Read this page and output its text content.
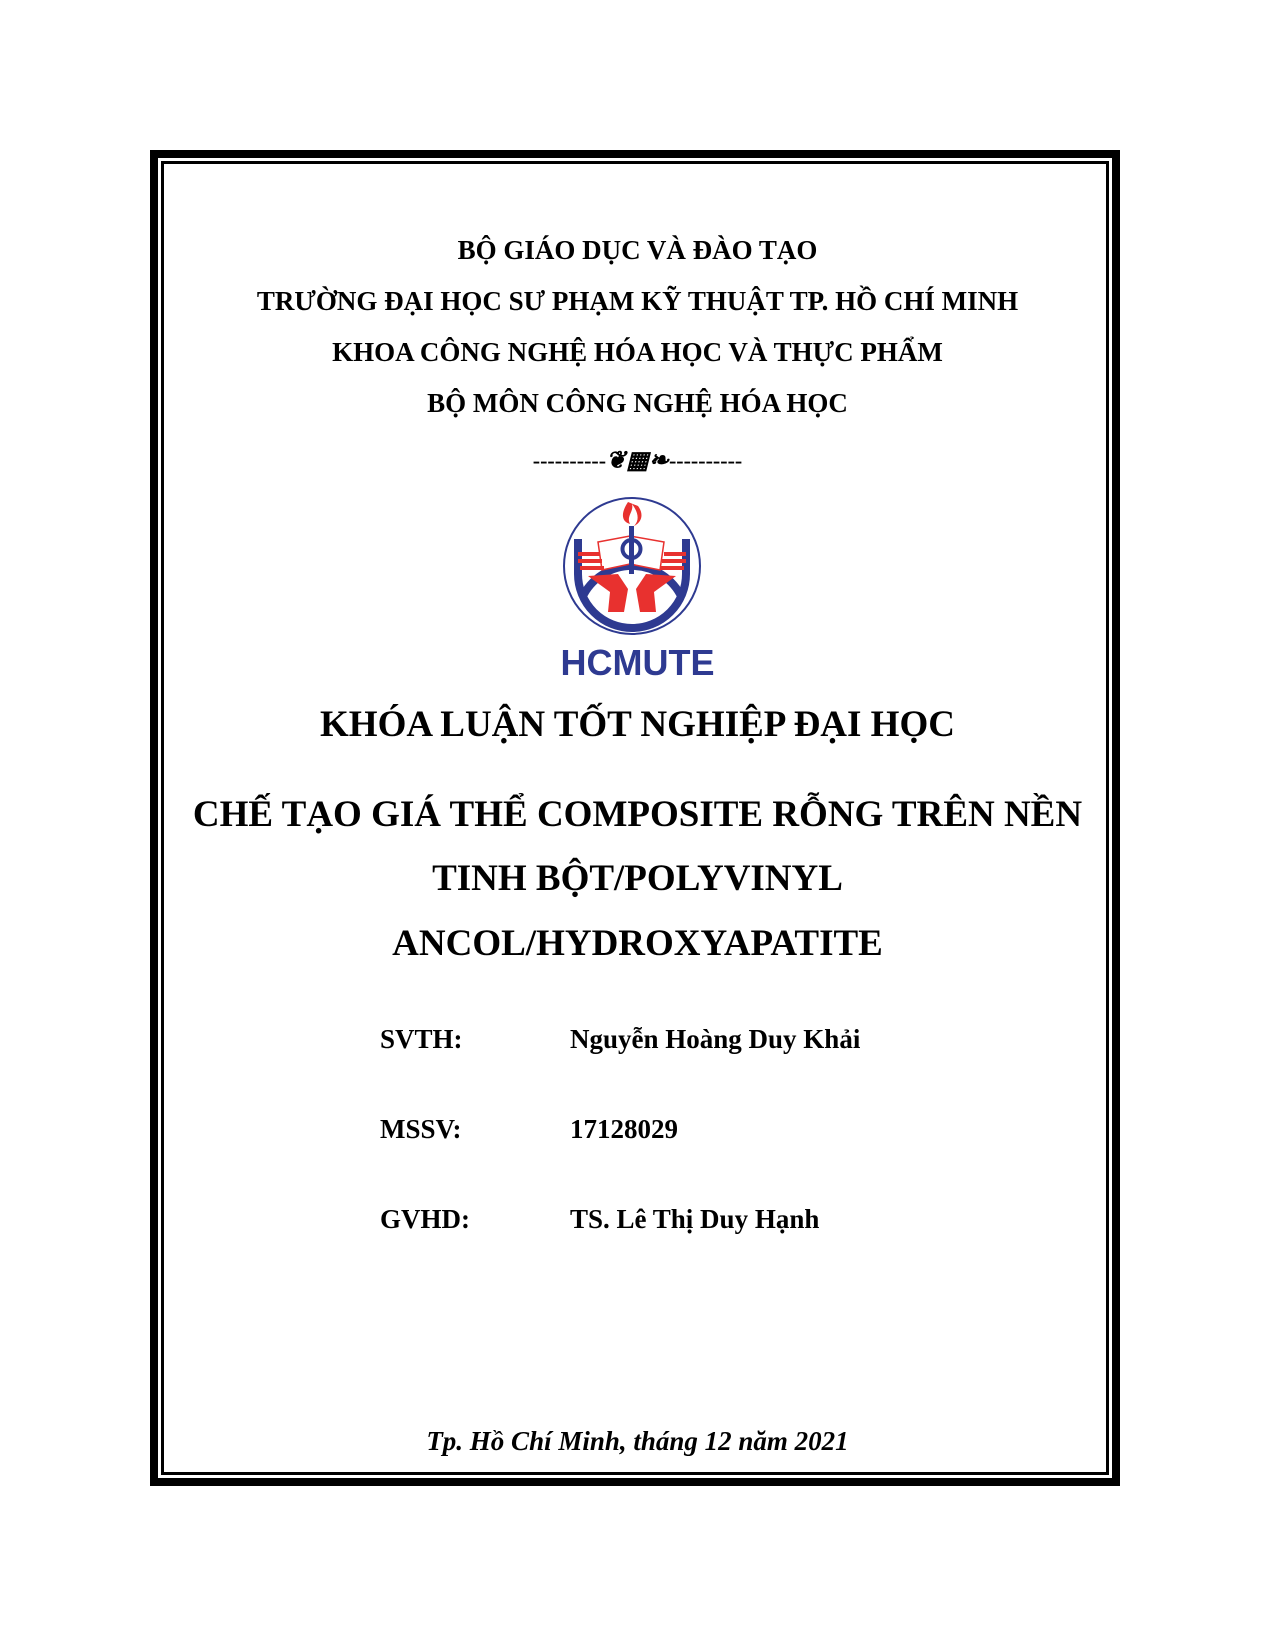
BỘ GIÁO DỤC VÀ ĐÀO TẠO
TRƯỜNG ĐẠI HỌC SƯ PHẠM KỸ THUẬT TP. HỒ CHÍ MINH
KHOA CÔNG NGHỆ HÓA HỌC VÀ THỰC PHẨM
BỘ MÔN CÔNG NGHỆ HÓA HỌC
----------❦▦❧----------
HCMUTE
KHÓA LUẬN TỐT NGHIỆP ĐẠI HỌC
CHẾ TẠO GIÁ THỂ COMPOSITE RỖNG TRÊN NỀN
TINH BỘT/POLYVINYL
ANCOL/HYDROXYAPATITE
SVTH:	Nguyễn Hoàng Duy Khải
MSSV:	17128029
GVHD:	TS. Lê Thị Duy Hạnh
Tp. Hồ Chí Minh, tháng 12 năm 2021
